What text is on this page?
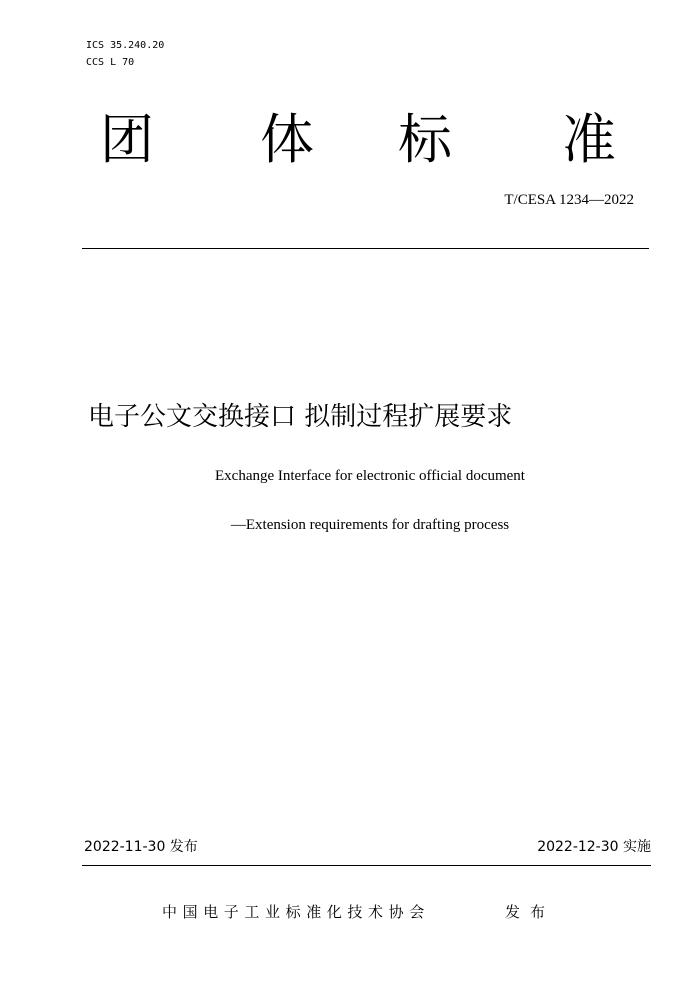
ICS 35.240.20
CCS L 70
团 体 标 准
T/CESA 1234—2022
电子公文交换接口 拟制过程扩展要求
Exchange Interface for electronic official document
—Extension requirements for drafting process
2022-11-30 发布	2022-12-30 实施
中国电子工业标准化技术协会	发布
